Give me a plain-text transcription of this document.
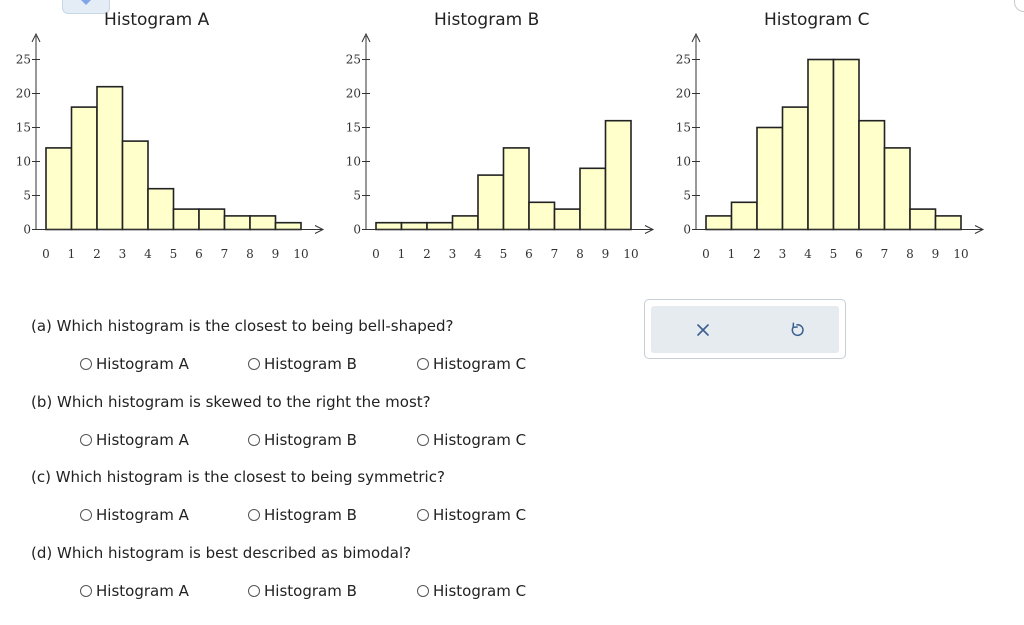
Histogram A
0
5
10
15
20
25
0 1 2 3 4 5 6 7 8 9 10
Histogram B
0
5
10
15
20
25
0 1 2 3 4 5 6 7 8 9 10
Histogram C
0
5
10
15
20
25
0 1 2 3 4 5 6 7 8 9 10
(a) Which histogram is the closest to being bell-shaped?
Histogram A	Histogram B	Histogram C
(b) Which histogram is skewed to the right the most?
Histogram A	Histogram B	Histogram C
(c) Which histogram is the closest to being symmetric?
Histogram A	Histogram B	Histogram C
(d) Which histogram is best described as bimodal?
Histogram A	Histogram B	Histogram C
